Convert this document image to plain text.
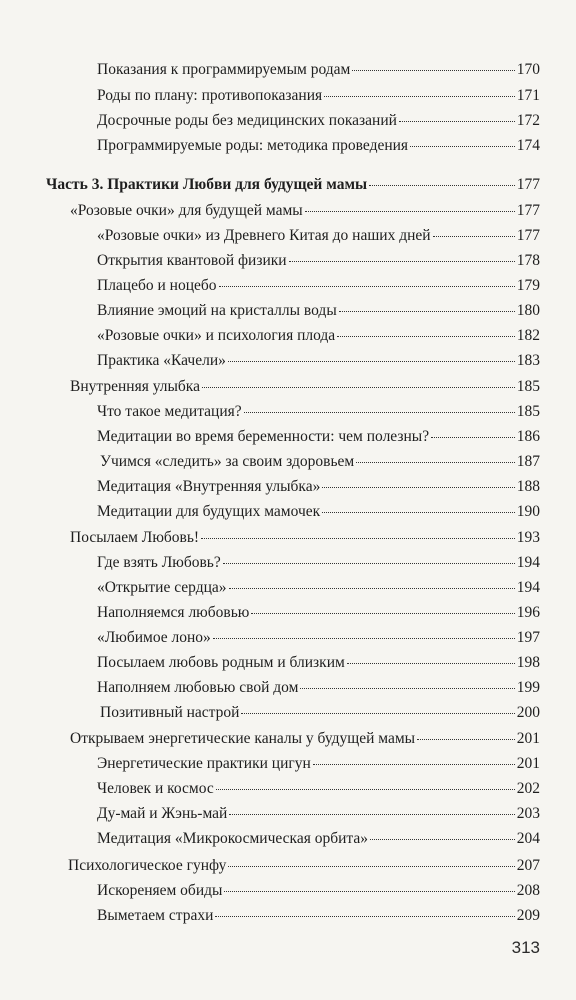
Показания к программируемым родам	170
Роды по плану: противопоказания	171
Досрочные роды без медицинских показаний	172
Программируемые роды: методика проведения	174
Часть 3. Практики Любви для будущей мамы	177
«Розовые очки» для будущей мамы	177
«Розовые очки» из Древнего Китая до наших дней	177
Открытия квантовой физики	178
Плацебо и ноцебо	179
Влияние эмоций на кристаллы воды	180
«Розовые очки» и психология плода	182
Практика «Качели»	183
Внутренняя улыбка	185
Что такое медитация?	185
Медитации во время беременности: чем полезны?	186
Учимся «следить» за своим здоровьем	187
Медитация «Внутренняя улыбка»	188
Медитации для будущих мамочек	190
Посылаем Любовь!	193
Где взять Любовь?	194
«Открытие сердца»	194
Наполняемся любовью	196
«Любимое лоно»	197
Посылаем любовь родным и близким	198
Наполняем любовью свой дом	199
Позитивный настрой	200
Открываем энергетические каналы у будущей мамы	201
Энергетические практики цигун	201
Человек и космос	202
Ду-май и Жэнь-май	203
Медитация «Микрокосмическая орбита»	204
Психологическое гунфу	207
Искореняем обиды	208
Выметаем страхи	209
313
